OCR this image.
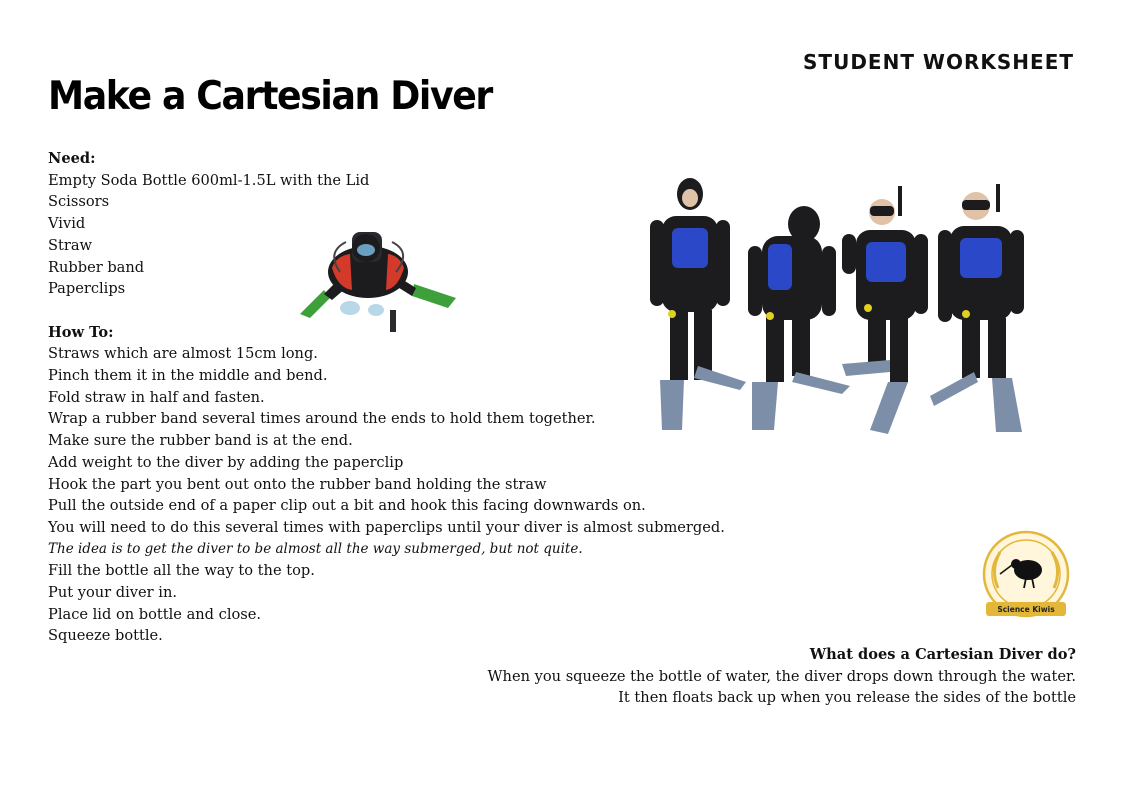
STUDENT WORKSHEET
Make a Cartesian Diver
Need:
Empty Soda Bottle 600ml-1.5L with the Lid
Scissors
Vivid
Straw
Rubber band
Paperclips
How To:
Straws which are almost 15cm long.
Pinch them it in the middle and bend.
Fold straw in half and fasten.
Wrap a rubber band several times around the ends to hold them together.
Make sure the rubber band is at the end.
Add weight to the diver by adding the paperclip
Hook the part you bent out onto the rubber band holding the straw
Pull the outside end of a paper clip out a bit and hook this facing downwards on.
You will need to do this several times with paperclips until your diver is almost submerged.
The idea is to get the diver to be almost all the way submerged, but not quite.
Fill the bottle all the way to the top.
Put your diver in.
Place lid on bottle and close.
Squeeze bottle.
Science Kiwis
What does a Cartesian Diver do?
When you squeeze the bottle of water, the diver drops down through the water.
It then floats back up when you release the sides of the bottle
